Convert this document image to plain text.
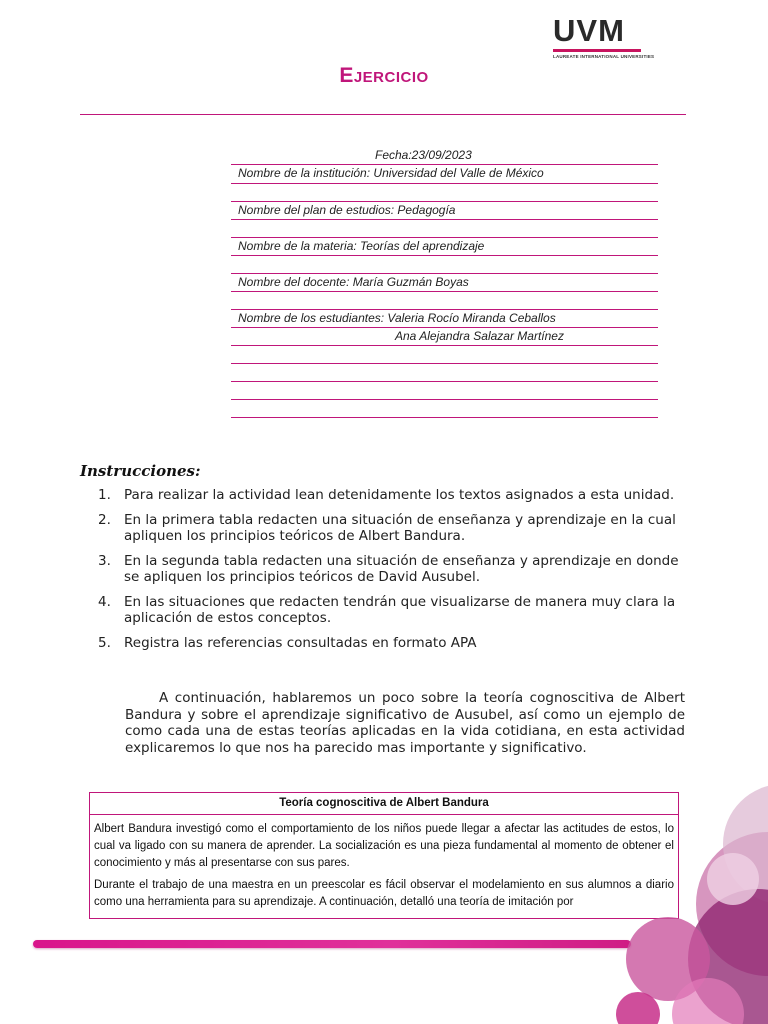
UVM
LAUREATE INTERNATIONAL UNIVERSITIES
Ejercicio
Fecha:23/09/2023
Nombre de la institución: Universidad del Valle de México
Nombre del plan de estudios: Pedagogía
Nombre de la materia: Teorías del aprendizaje
Nombre del docente: María Guzmán Boyas
Nombre de los estudiantes: Valeria Rocío Miranda Ceballos
Ana Alejandra Salazar Martínez
Instrucciones:
1. Para realizar la actividad lean detenidamente los textos asignados a esta unidad.
2. En la primera tabla redacten una situación de enseñanza y aprendizaje en la cual apliquen los principios teóricos de Albert Bandura.
3. En la segunda tabla redacten una situación de enseñanza y aprendizaje en donde se apliquen los principios teóricos de David Ausubel.
4. En las situaciones que redacten tendrán que visualizarse de manera muy clara la aplicación de estos conceptos.
5. Registra las referencias consultadas en formato APA
A continuación, hablaremos un poco sobre la teoría cognoscitiva de Albert Bandura y sobre el aprendizaje significativo de Ausubel, así como un ejemplo de como cada una de estas teorías aplicadas en la vida cotidiana, en esta actividad explicaremos lo que nos ha parecido mas importante y significativo.
Teoría cognoscitiva de Albert Bandura

Albert Bandura investigó como el comportamiento de los niños puede llegar a afectar las actitudes de estos, lo cual va ligado con su manera de aprender. La socialización es una pieza fundamental al momento de obtener el conocimiento y más al presentarse con sus pares.

Durante el trabajo de una maestra en un preescolar es fácil observar el modelamiento en sus alumnos a diario como una herramienta para su aprendizaje. A continuación, detalló una teoría de imitación por
